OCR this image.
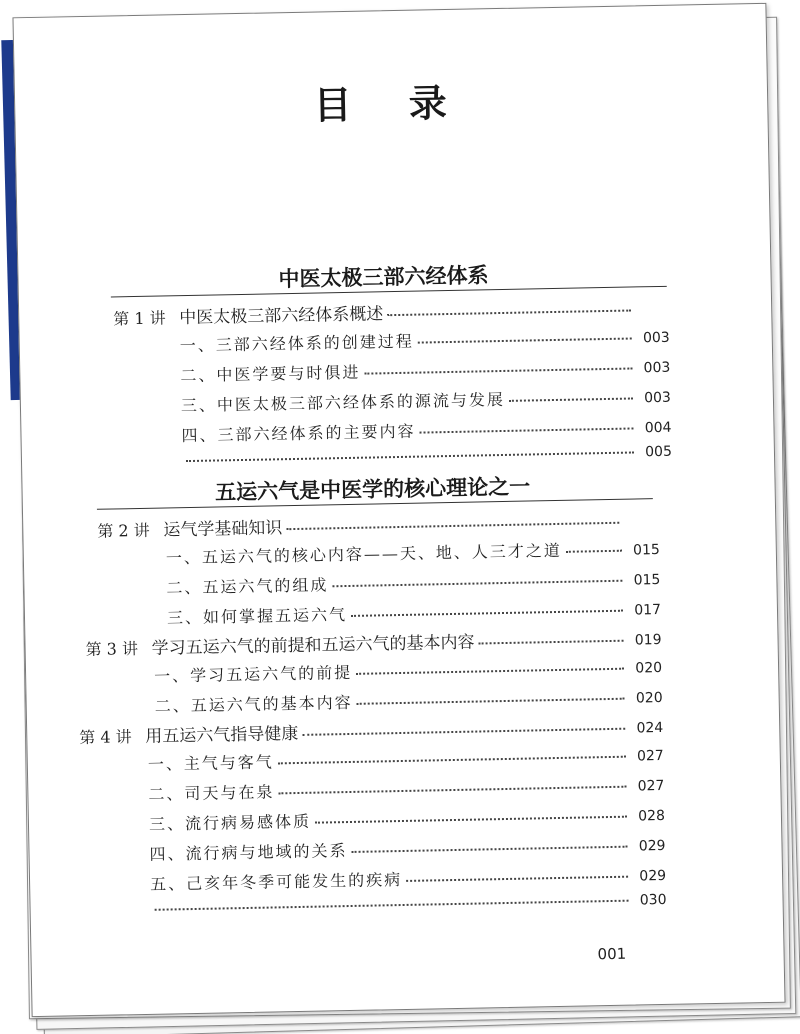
目 录
中医太极三部六经体系
第 1 讲 中医太极三部六经体系概述
一、三部六经体系的创建过程	003
二、中医学要与时俱进	003
三、中医太极三部六经体系的源流与发展	003
四、三部六经体系的主要内容	004
005
五运六气是中医学的核心理论之一
第 2 讲 运气学基础知识
一、五运六气的核心内容——天、地、人三才之道	015
二、五运六气的组成	015
三、如何掌握五运六气	017
第 3 讲 学习五运六气的前提和五运六气的基本内容	019
一、学习五运六气的前提	020
二、五运六气的基本内容	020
第 4 讲 用五运六气指导健康	024
一、主气与客气	027
二、司天与在泉	027
三、流行病易感体质	028
四、流行病与地域的关系	029
五、己亥年冬季可能发生的疾病	029
030
001
